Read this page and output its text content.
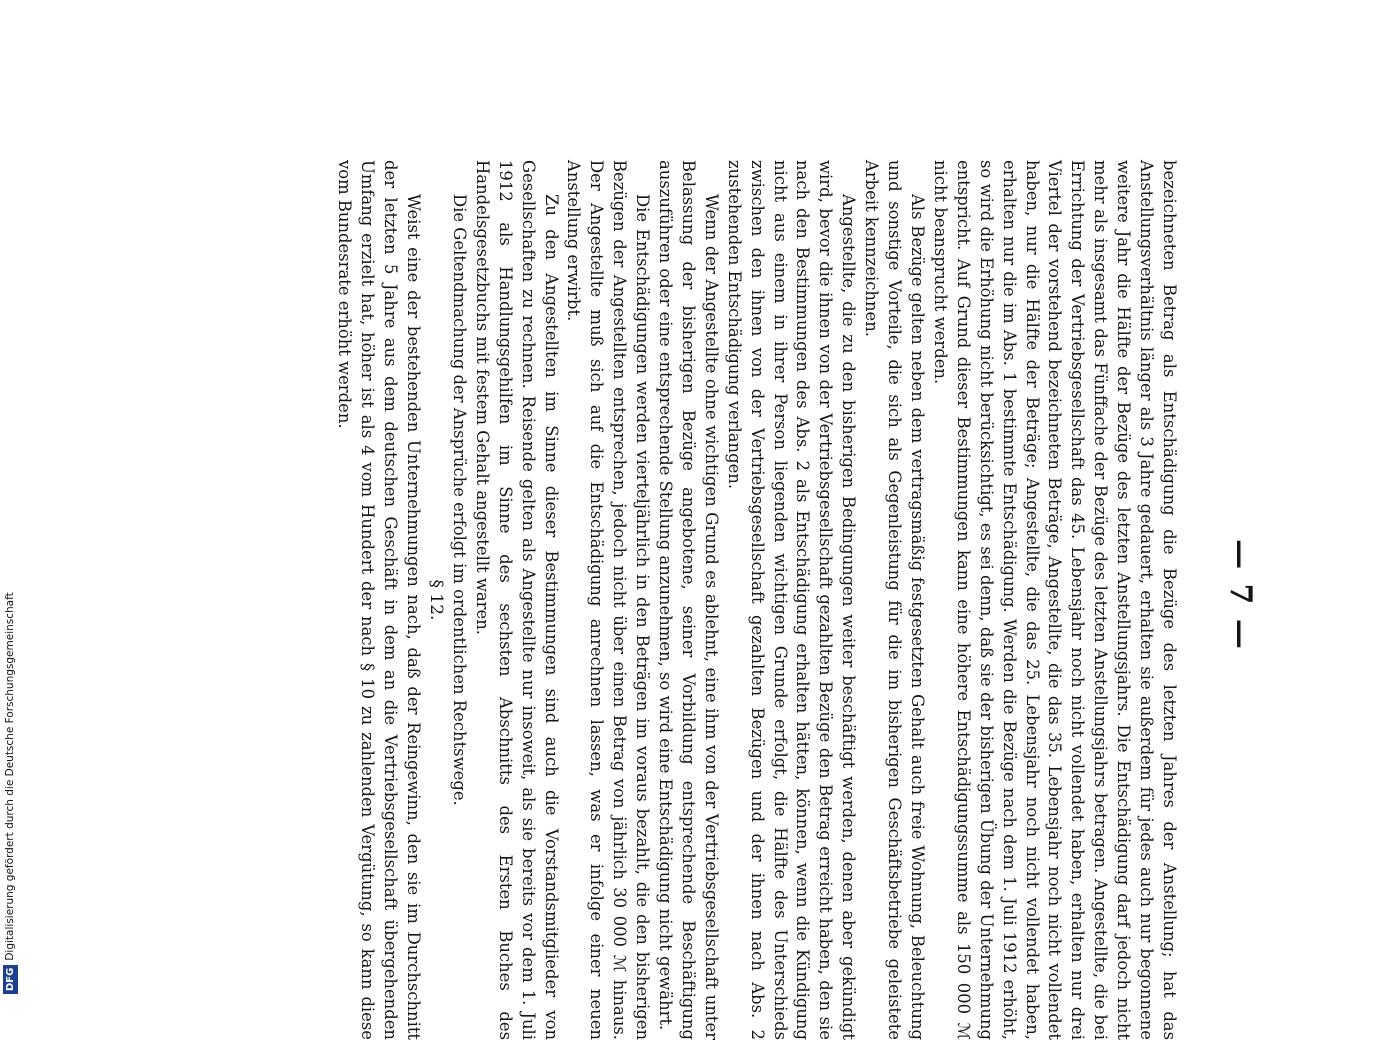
— 7 —

bezeichneten Betrag als Entschädigung die Bezüge des letzten Jahres der Anstellung; hat das Anstellungsverhältnis länger als 3 Jahre gedauert, erhalten sie außerdem für jedes auch nur begonnene weitere Jahr die Hälfte der Bezüge des letzten Anstellungsjahrs. Die Entschädigung darf jedoch nicht mehr als insgesamt das Fünffache der Bezüge des letzten Anstellungsjahrs betragen. Angestellte, die bei Errichtung der Vertriebsgesellschaft das 45. Lebensjahr noch nicht vollendet haben, erhalten nur drei Viertel der vorstehend bezeichneten Beträge, Angestellte, die das 35. Lebensjahr noch nicht vollendet haben, nur die Hälfte der Beträge; Angestellte, die das 25. Lebensjahr noch nicht vollendet haben, erhalten nur die im Abs. 1 bestimmte Entschädigung. Werden die Bezüge nach dem 1. Juli 1912 erhöht, so wird die Erhöhung nicht berücksichtigt, es sei denn, daß sie der bisherigen Übung der Unternehmung entspricht. Auf Grund dieser Bestimmungen kann eine höhere Entschädigungssumme als 150 000 ℳ nicht beansprucht werden.

Als Bezüge gelten neben dem vertragsmäßig festgesetzten Gehalt auch freie Wohnung, Beleuchtung und sonstige Vorteile, die sich als Gegenleistung für die im bisherigen Geschäftsbetriebe geleistete Arbeit kennzeichnen.

Angestellte, die zu den bisherigen Bedingungen weiter beschäftigt werden, denen aber gekündigt wird, bevor die ihnen von der Vertriebsgesellschaft gezahlten Bezüge den Betrag erreicht haben, den sie nach den Bestimmungen des Abs. 2 als Entschädigung erhalten hätten, können, wenn die Kündigung nicht aus einem in ihrer Person liegenden wichtigen Grunde erfolgt, die Hälfte des Unterschieds zwischen den ihnen von der Vertriebsgesellschaft gezahlten Bezügen und der ihnen nach Abs. 2 zustehenden Entschädigung verlangen.

Wenn der Angestellte ohne wichtigen Grund es ablehnt, eine ihm von der Vertriebsgesellschaft unter Belassung der bisherigen Bezüge angebotene, seiner Vorbildung entsprechende Beschäftigung auszuführen oder eine entsprechende Stellung anzunehmen, so wird eine Entschädigung nicht gewährt.

Die Entschädigungen werden vierteljährlich in den Beträgen im voraus bezahlt, die den bisherigen Bezügen der Angestellten entsprechen, jedoch nicht über einen Betrag von jährlich 30 000 ℳ hinaus. Der Angestellte muß sich auf die Entschädigung anrechnen lassen, was er infolge einer neuen Anstellung erwirbt.

Zu den Angestellten im Sinne dieser Bestimmungen sind auch die Vorstandsmitglieder von Gesellschaften zu rechnen. Reisende gelten als Angestellte nur insoweit, als sie bereits vor dem 1. Juli 1912 als Handlungsgehilfen im Sinne des sechsten Abschnitts des Ersten Buches des Handelsgesetzbuchs mit festem Gehalt angestellt waren.

Die Geltendmachung der Ansprüche erfolgt im ordentlichen Rechtswege.

§ 12.

Weist eine der bestehenden Unternehmungen nach, daß der Reingewinn, den sie im Durchschnitt der letzten 5 Jahre aus dem deutschen Geschäft in dem an die Vertriebsgesellschaft übergehenden Umfang erzielt hat, höher ist als 4 vom Hundert der nach § 10 zu zahlenden Vergütung, so kann diese vom Bundesrate erhöht werden.

DFG
Digitalisierung gefördert durch die Deutsche Forschungsgemeinschaft
